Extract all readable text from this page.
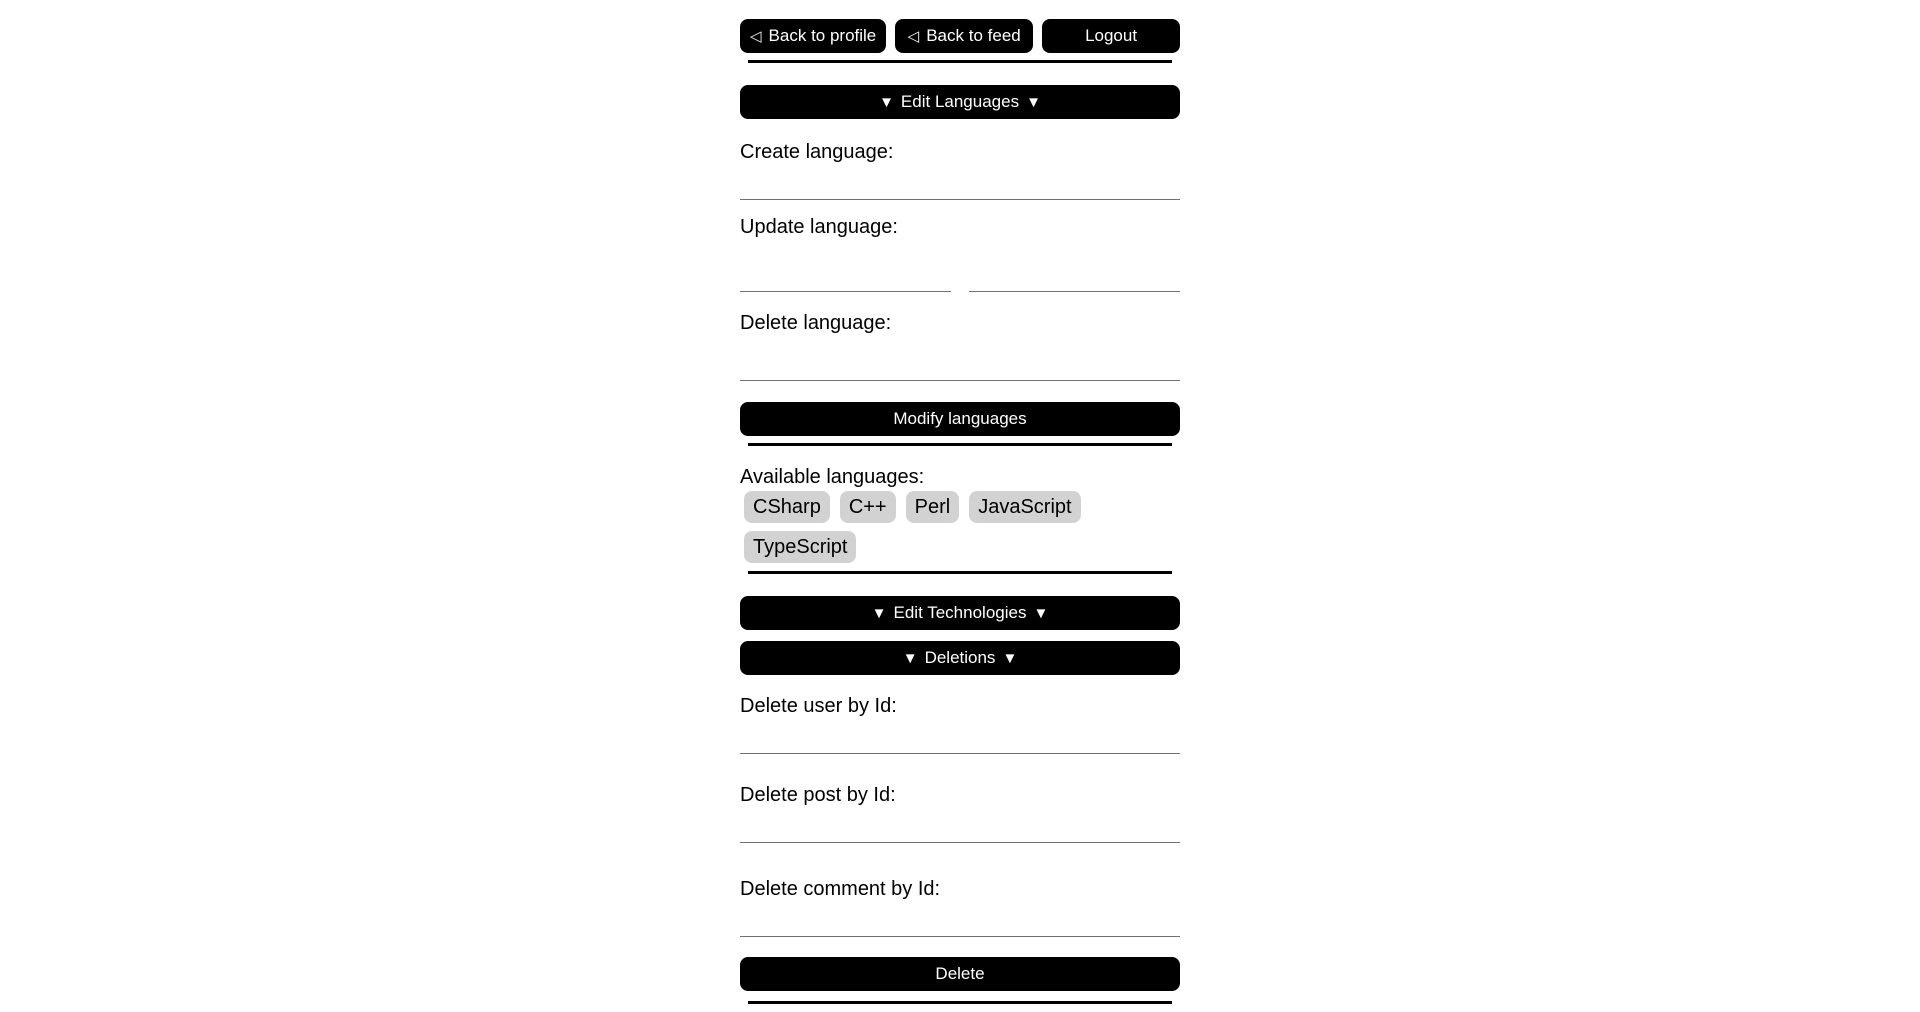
◁ Back to profile ◁ Back to feed	Logout
▼ Edit Languages ▼
Create language:
Update language:
Delete language:
Modify languages
Available languages:
CSharp	C++	Perl	JavaScript
TypeScript
▼ Edit Technologies ▼
▼ Deletions ▼
Delete user by Id:
Delete post by Id:
Delete comment by Id:
Delete
